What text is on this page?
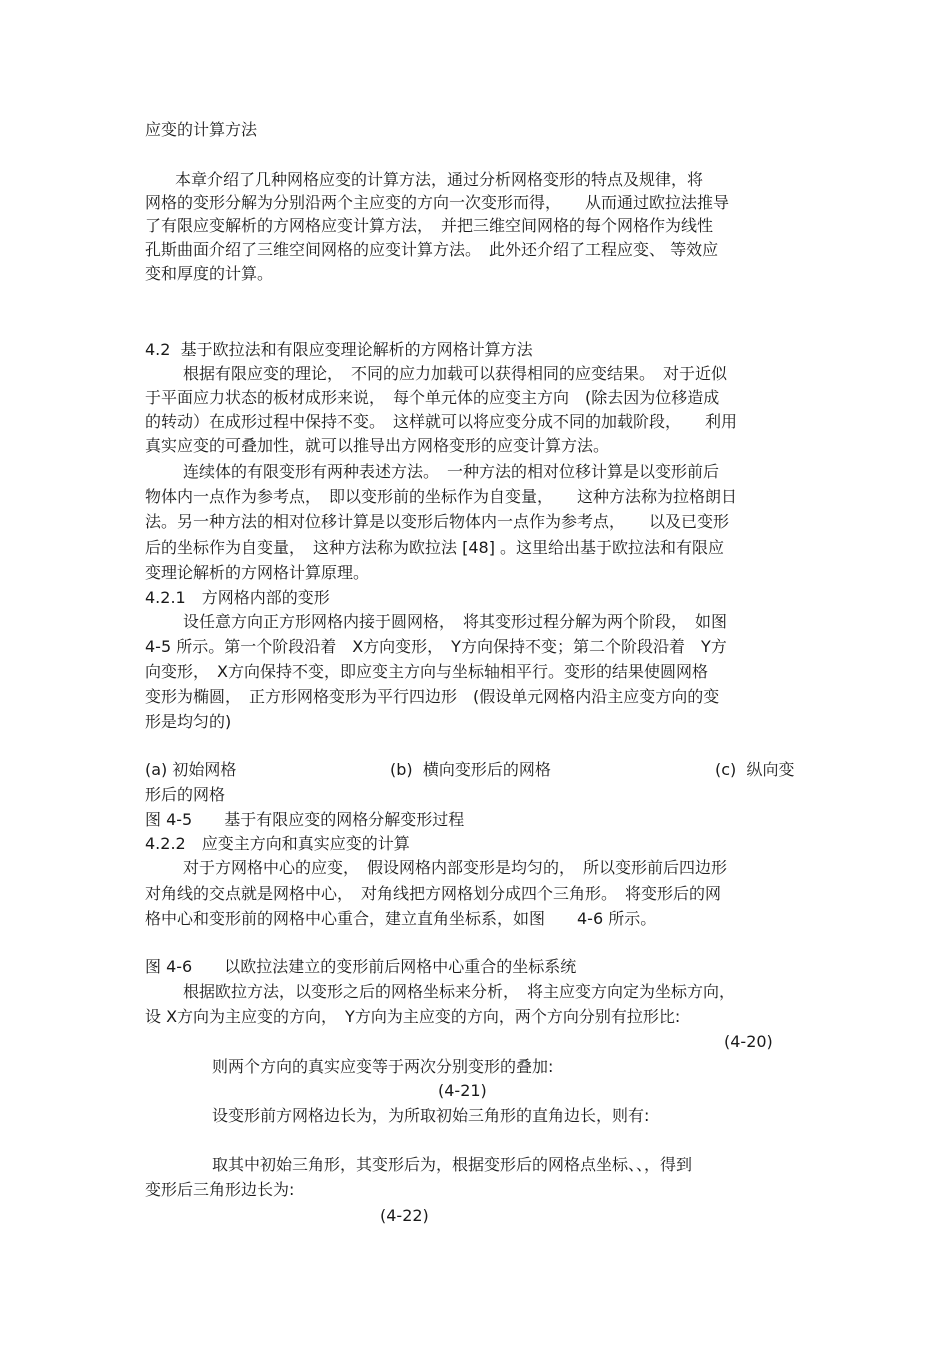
应变的计算方法
本章介绍了几种网格应变的计算方法，通过分析网格变形的特点及规律，将
网格的变形分解为分别沿两个主应变的方向一次变形而得，　　从而通过欧拉法推导
了有限应变解析的方网格应变计算方法，　并把三维空间网格的每个网格作为线性
孔斯曲面介绍了三维空间网格的应变计算方法。　此外还介绍了工程应变、 等效应
变和厚度的计算。
4.2  基于欧拉法和有限应变理论解析的方网格计算方法
根据有限应变的理论，　不同的应力加载可以获得相同的应变结果。　对于近似
于平面应力状态的板材成形来说，　每个单元体的应变主方向　(除去因为位移造成
的转动）在成形过程中保持不变。　这样就可以将应变分成不同的加载阶段，　　利用
真实应变的可叠加性，就可以推导出方网格变形的应变计算方法。
连续体的有限变形有两种表述方法。　一种方法的相对位移计算是以变形前后
物体内一点作为参考点，　即以变形前的坐标作为自变量，　　这种方法称为拉格朗日
法。另一种方法的相对位移计算是以变形后物体内一点作为参考点，　　以及已变形
后的坐标作为自变量，　这种方法称为欧拉法 [48] 。这里给出基于欧拉法和有限应
变理论解析的方网格计算原理。
4.2.1　方网格内部的变形
设任意方向正方形网格内接于圆网格，　将其变形过程分解为两个阶段，　如图
4-5 所示。第一个阶段沿着　X方向变形，　Y方向保持不变；第二个阶段沿着　Y方
向变形，　X方向保持不变，即应变主方向与坐标轴相平行。变形的结果使圆网格
变形为椭圆，　正方形网格变形为平行四边形　(假设单元网格内沿主应变方向的变
形是均匀的)
(a) 初始网格	(b)  横向变形后的网格	(c)  纵向变
形后的网格
图 4-5　　基于有限应变的网格分解变形过程
4.2.2　应变主方向和真实应变的计算
对于方网格中心的应变，　假设网格内部变形是均匀的，　所以变形前后四边形
对角线的交点就是网格中心，　对角线把方网格划分成四个三角形。　将变形后的网
格中心和变形前的网格中心重合，建立直角坐标系，如图　　4-6 所示。
图 4-6　　以欧拉法建立的变形前后网格中心重合的坐标系统
根据欧拉方法，以变形之后的网格坐标来分析，　将主应变方向定为坐标方向，
设 X方向为主应变的方向，　Y方向为主应变的方向，两个方向分别有拉形比:
(4-20)
则两个方向的真实应变等于两次分别变形的叠加:
(4-21)
设变形前方网格边长为，为所取初始三角形的直角边长，则有:
取其中初始三角形，其变形后为，根据变形后的网格点坐标、、，得到
变形后三角形边长为:
(4-22)
